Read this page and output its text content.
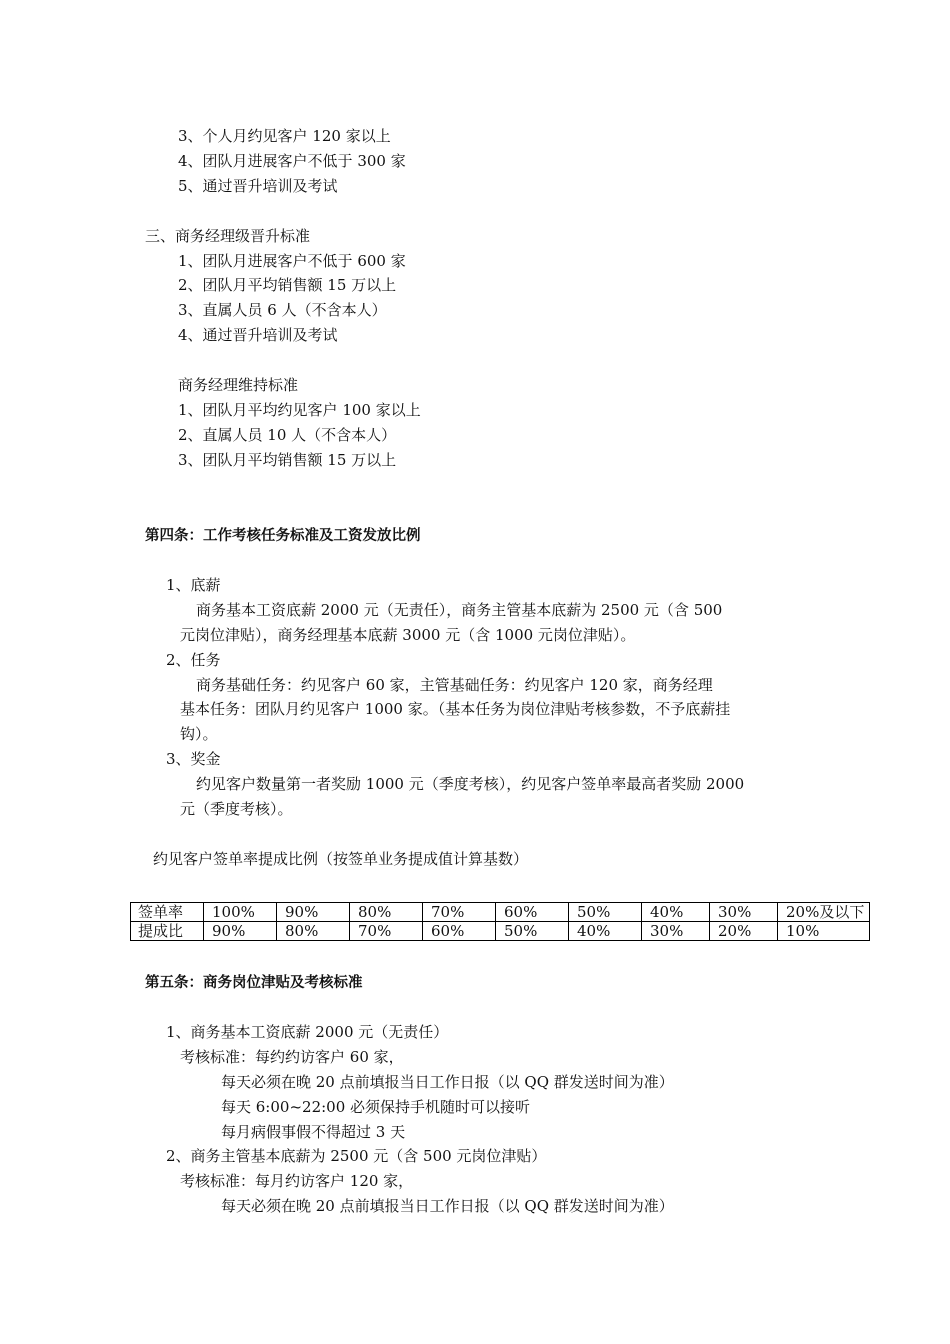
3、个人月约见客户 120 家以上
4、团队月进展客户不低于 300 家
5、通过晋升培训及考试
三、商务经理级晋升标准
1、团队月进展客户不低于 600 家
2、团队月平均销售额 15 万以上
3、直属人员 6 人（不含本人）
4、通过晋升培训及考试
商务经理维持标准
1、团队月平均约见客户 100 家以上
2、直属人员 10 人（不含本人）
3、团队月平均销售额 15 万以上
第四条：工作考核任务标准及工资发放比例
1、底薪
商务基本工资底薪 2000 元（无责任），商务主管基本底薪为 2500 元（含 500
元岗位津贴），商务经理基本底薪 3000 元（含 1000 元岗位津贴）。
2、任务
商务基础任务：约见客户 60 家，主管基础任务：约见客户 120 家，商务经理
基本任务：团队月约见客户 1000 家。（基本任务为岗位津贴考核参数，不予底薪挂
钩）。
3、奖金
约见客户数量第一者奖励 1000 元（季度考核），约见客户签单率最高者奖励 2000
元（季度考核）。
约见客户签单率提成比例（按签单业务提成值计算基数）
签单率	100%	90%	80%	70%	60%	50%	40%	30%	20%及以下
提成比	90%	80%	70%	60%	50%	40%	30%	20%	10%
第五条：商务岗位津贴及考核标准
1、商务基本工资底薪 2000 元（无责任）
考核标准：每约约访客户 60 家，
每天必须在晚 20 点前填报当日工作日报（以 QQ 群发送时间为准）
每天 6:00~22:00 必须保持手机随时可以接听
每月病假事假不得超过 3 天
2、商务主管基本底薪为 2500 元（含 500 元岗位津贴）
考核标准：每月约访客户 120 家，
每天必须在晚 20 点前填报当日工作日报（以 QQ 群发送时间为准）
